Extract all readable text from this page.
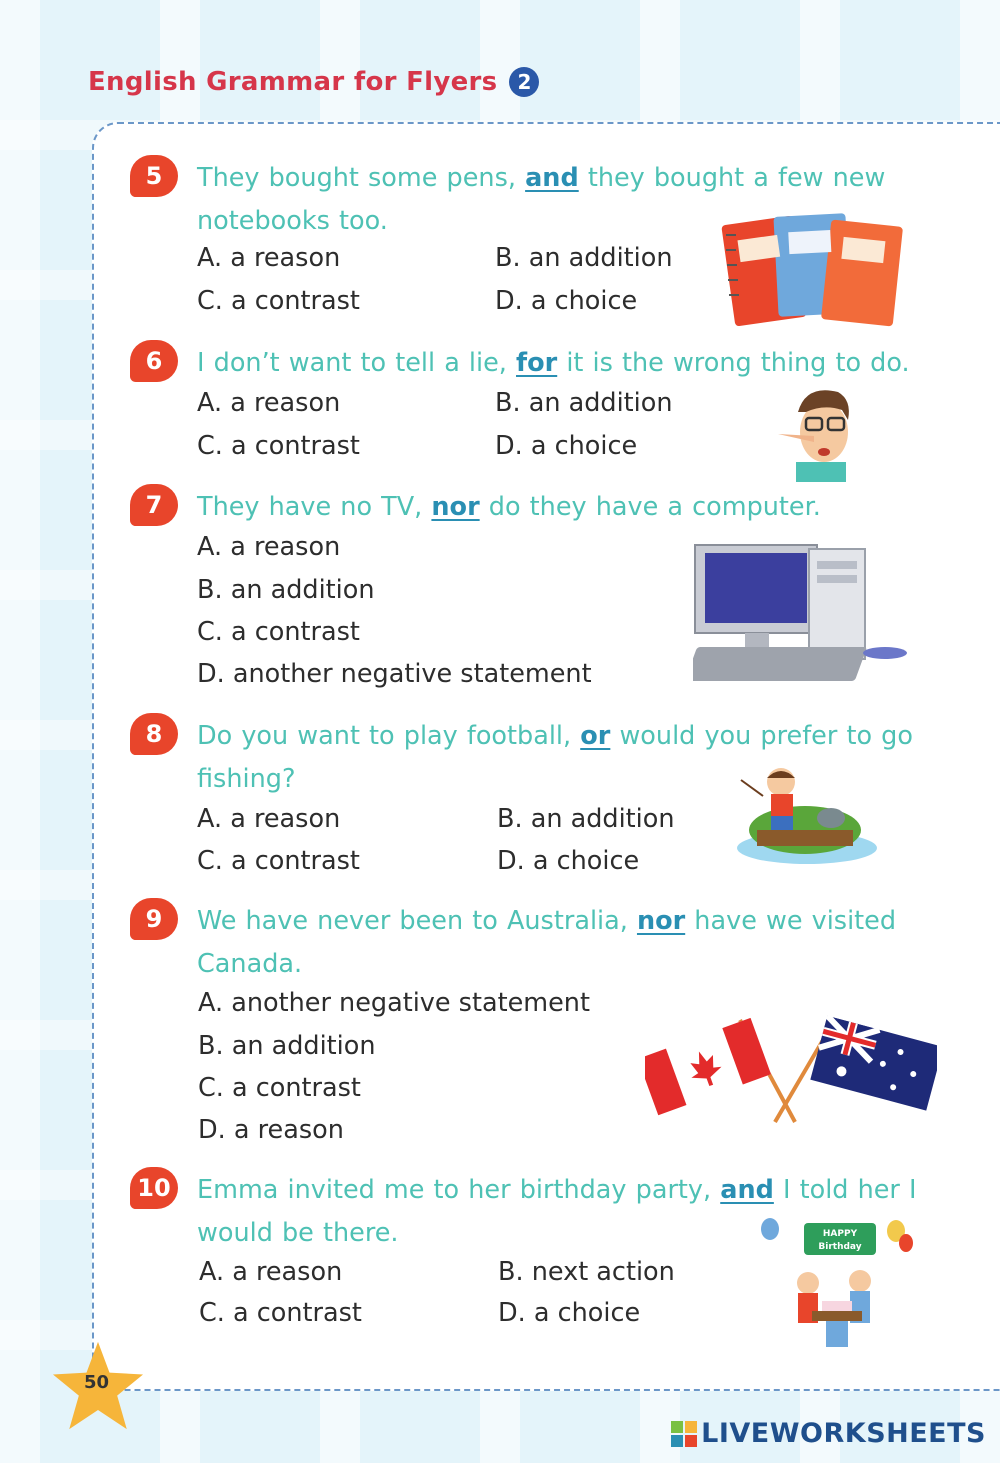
English Grammar for Flyers	2
5	They bought some pens, and they bought a few new notebooks too.
A. a reason	B. an addition
C. a contrast	D. a choice
6	I don’t want to tell a lie, for it is the wrong thing to do.
A. a reason	B. an addition
C. a contrast	D. a choice
7	They have no TV, nor do they have a computer.
A. a reason
B. an addition
C. a contrast
D. another negative statement
8	Do you want to play football, or would you prefer to go fishing?
A. a reason	B. an addition
C. a contrast	D. a choice
9	We have never been to Australia, nor have we visited Canada.
A. another negative statement
B. an addition
C. a contrast
D. a reason
10 Emma invited me to her birthday party, and I told her I would be there.
A. a reason	B. next action
C. a contrast	D. a choice
HAPPY
Birthday
50
LIVEWORKSHEETS
